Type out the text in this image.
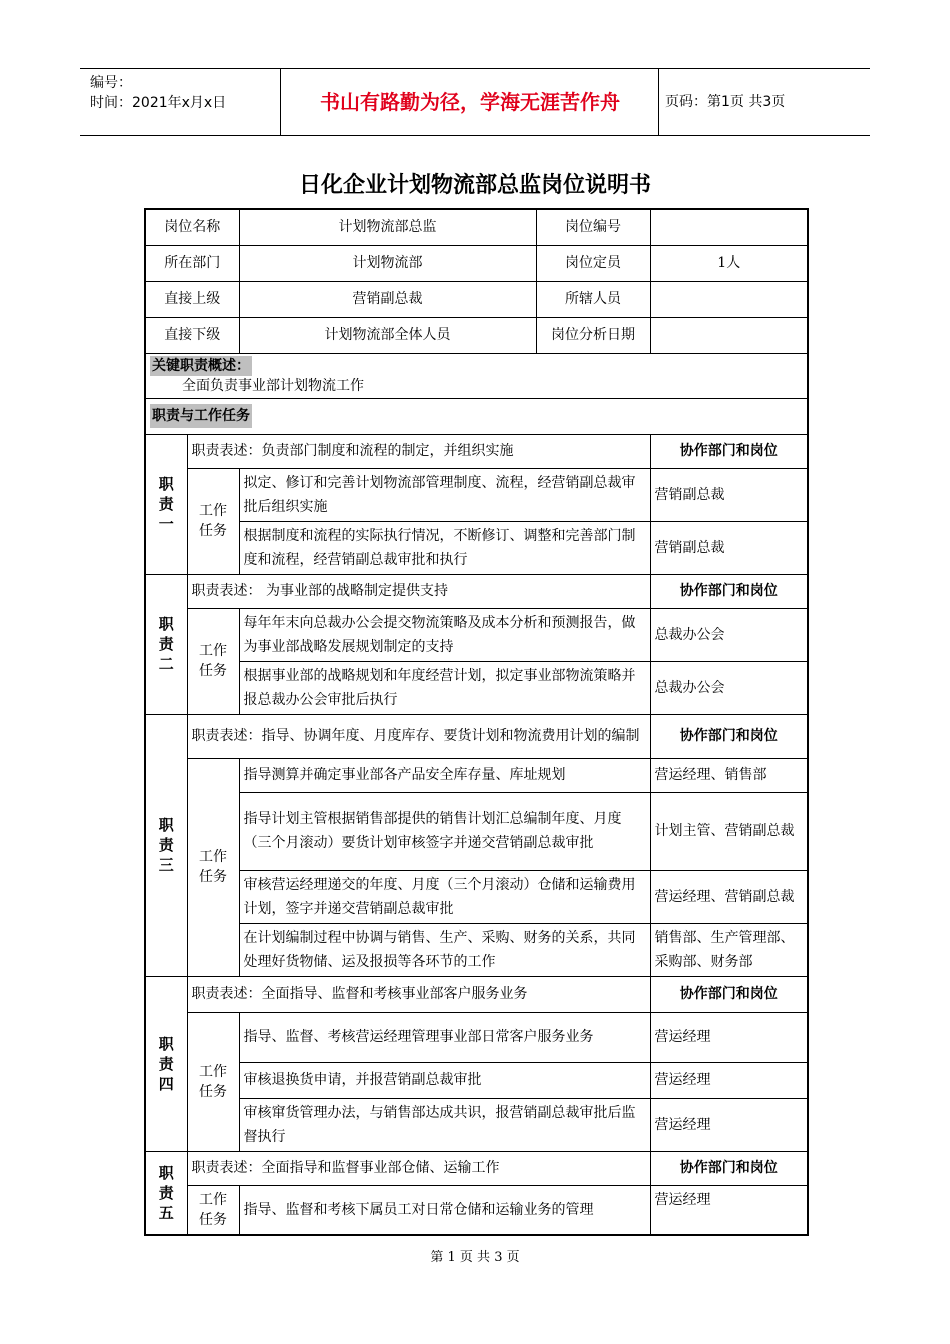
编号：
时间：2021年x月x日	书山有路勤为径，学海无涯苦作舟	页码：第1页 共3页
日化企业计划物流部总监岗位说明书
岗位名称		计划物流部总监	岗位编号	
所在部门		计划物流部	岗位定员	1人
直接上级		营销副总裁	所辖人员	
直接下级		计划物流部全体人员	岗位分析日期	

关键职责概述：
全面负责事业部计划物流工作				

职责与工作任务				
职
责
一	职责表述：负责部门制度和流程的制定，并组织实施			协作部门和岗位
	工作
任务	拟定、修订和完善计划物流部管理制度、流程，经营销副总裁审批后组织实施		营销副总裁
		根据制度和流程的实际执行情况，不断修订、调整和完善部门制度和流程，经营销副总裁审批和执行		营销副总裁
职
责
二	职责表述： 为事业部的战略制定提供支持			协作部门和岗位
	工作
任务	每年年末向总裁办公会提交物流策略及成本分析和预测报告，做为事业部战略发展规划制定的支持		总裁办公会
		根据事业部的战略规划和年度经营计划，拟定事业部物流策略并报总裁办公会审批后执行		总裁办公会
职
责
三	职责表述：指导、协调年度、月度库存、要货计划和物流费用计划的编制			协作部门和岗位
	工作
任务	指导测算并确定事业部各产品安全库存量、库址规划		营运经理、销售部
		指导计划主管根据销售部提供的销售计划汇总编制年度、月度（三个月滚动）要货计划审核签字并递交营销副总裁审批		计划主管、营销副总裁
		审核营运经理递交的年度、月度（三个月滚动）仓储和运输费用计划，签字并递交营销副总裁审批		营运经理、营销副总裁
		在计划编制过程中协调与销售、生产、采购、财务的关系，共同处理好货物储、运及报损等各环节的工作		销售部、生产管理部、采购部、财务部
职
责
四	职责表述：全面指导、监督和考核事业部客户服务业务			协作部门和岗位
	工作
任务	指导、监督、考核营运经理管理事业部日常客户服务业务		营运经理
		审核退换货申请，并报营销副总裁审批		营运经理
		审核窜货管理办法，与销售部达成共识，报营销副总裁审批后监督执行		营运经理
职
责
五	职责表述：全面指导和监督事业部仓储、运输工作			协作部门和岗位
	工作
任务	指导、监督和考核下属员工对日常仓储和运输业务的管理		营运经理
第 1 页 共 3 页
